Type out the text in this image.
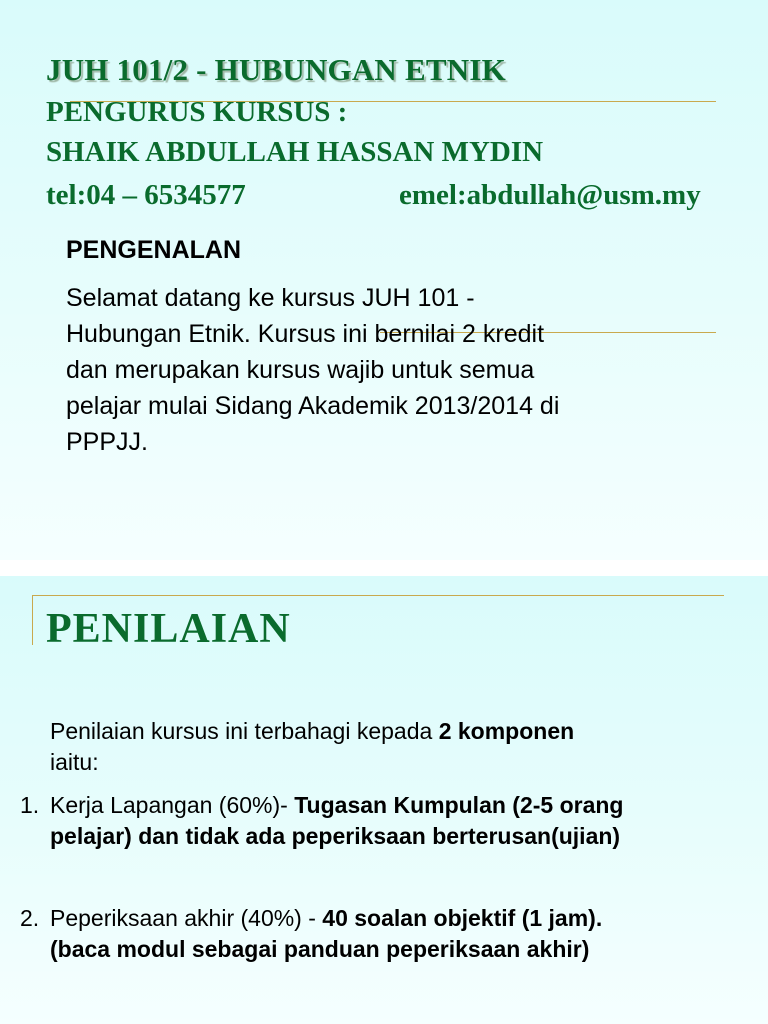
JUH 101/2 - HUBUNGAN ETNIK

PENGURUS KURSUS :

SHAIK ABDULLAH HASSAN MYDIN

tel:04 – 6534577	emel:abdullah@usm.my

PENGENALAN

Selamat datang ke kursus JUH 101 -
Hubungan Etnik. Kursus ini bernilai 2 kredit
dan merupakan kursus wajib untuk semua
pelajar mulai Sidang Akademik 2013/2014 di
PPPJJ.

PENILAIAN

Penilaian kursus ini terbahagi kepada 2 komponen
iaitu:

1. Kerja Lapangan (60%)- Tugasan Kumpulan (2-5 orang
pelajar) dan tidak ada peperiksaan berterusan(ujian)

2. Peperiksaan akhir (40%) - 40 soalan objektif (1 jam).
(baca modul sebagai panduan peperiksaan akhir)
